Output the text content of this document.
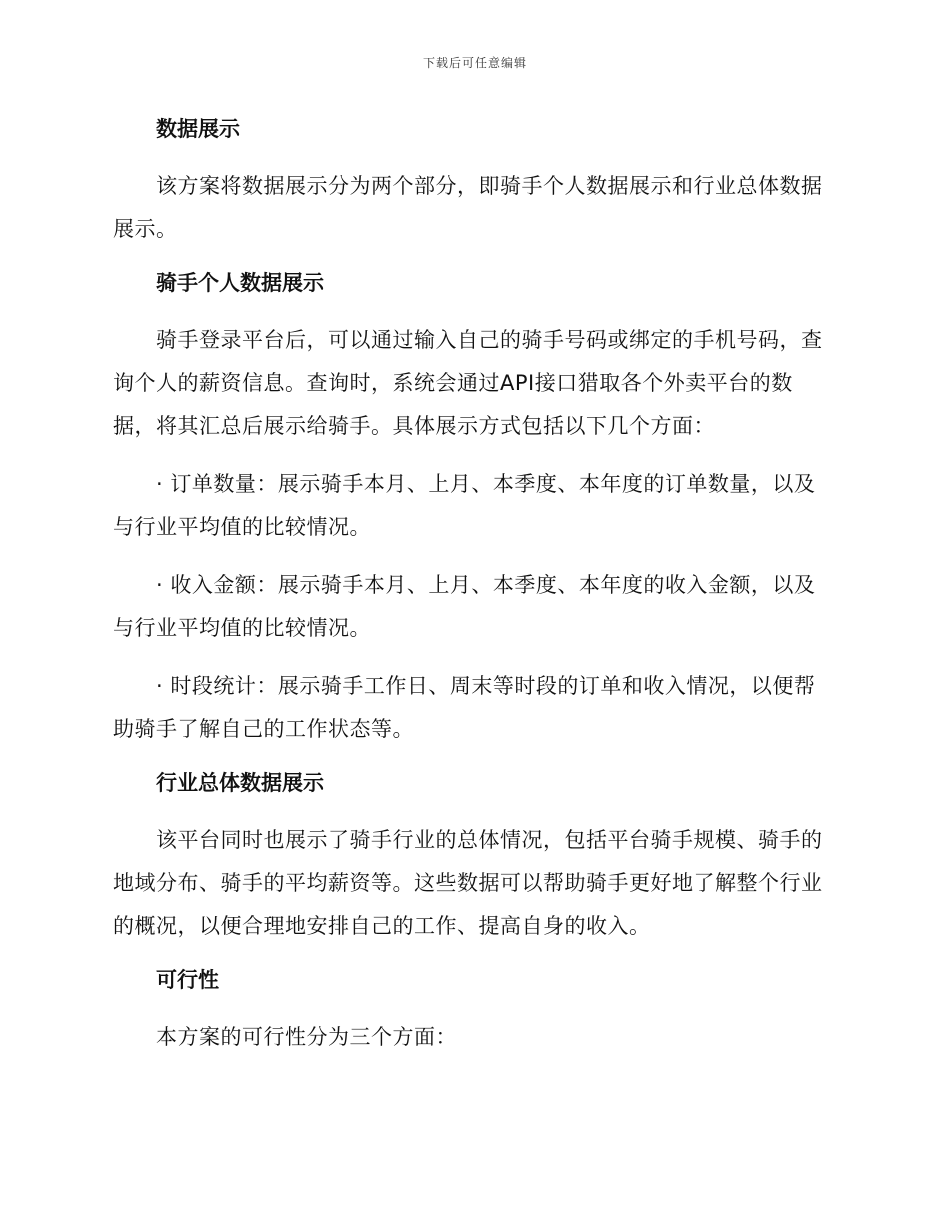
下载后可任意编辑
数据展示

该方案将数据展示分为两个部分，即骑手个人数据展示和行业总体数据展示。

骑手个人数据展示

骑手登录平台后，可以通过输入自己的骑手号码或绑定的手机号码，查询个人的薪资信息。查询时，系统会通过API接口猎取各个外卖平台的数据，将其汇总后展示给骑手。具体展示方式包括以下几个方面：

· 订单数量：展示骑手本月、上月、本季度、本年度的订单数量，以及与行业平均值的比较情况。

· 收入金额：展示骑手本月、上月、本季度、本年度的收入金额，以及与行业平均值的比较情况。

· 时段统计：展示骑手工作日、周末等时段的订单和收入情况，以便帮助骑手了解自己的工作状态等。

行业总体数据展示

该平台同时也展示了骑手行业的总体情况，包括平台骑手规模、骑手的地域分布、骑手的平均薪资等。这些数据可以帮助骑手更好地了解整个行业的概况，以便合理地安排自己的工作、提高自身的收入。

可行性

本方案的可行性分为三个方面：
